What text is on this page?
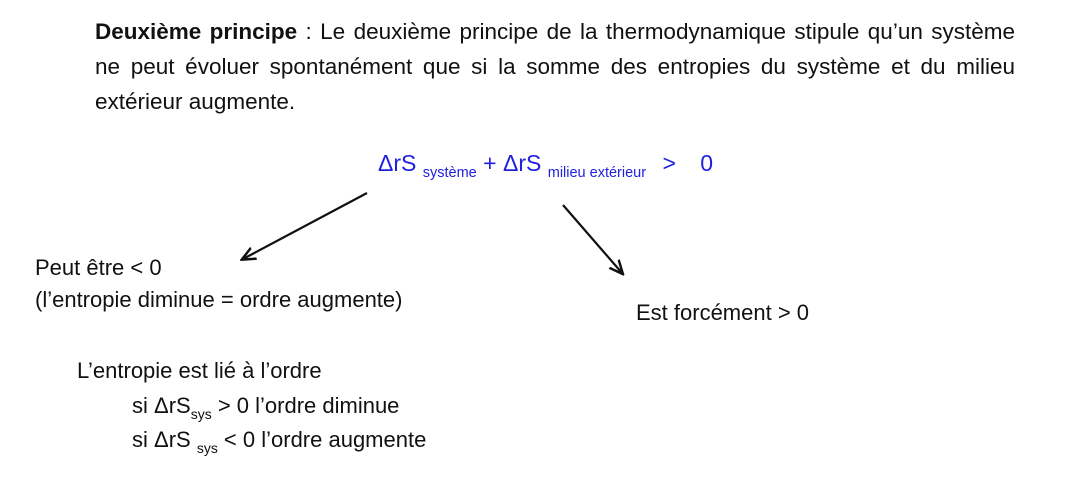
Deuxième principe : Le deuxième principe de la thermodynamique stipule qu’un système ne peut évoluer spontanément que si la somme des entropies du système et du milieu extérieur augmente.
ΔrS $_{système}$ + ΔrS $_{milieu extérieur}$ > 0
Peut être < 0
(l’entropie diminue = ordre augmente)
Est forcément > 0
L’entropie est lié à l’ordre
si ΔrS$_{sys}$ > 0 l’ordre diminue
si ΔrS $_{sys}$ < 0 l’ordre augmente
